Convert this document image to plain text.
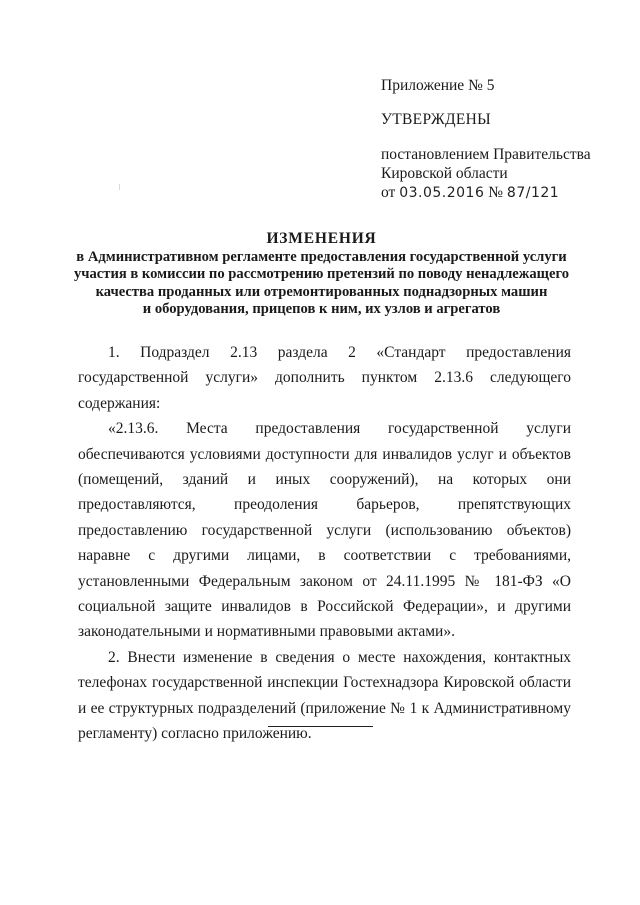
Приложение № 5
УТВЕРЖДЕНЫ
постановлением Правительства
Кировской области
от 03.05.2016 № 87/121
ИЗМЕНЕНИЯ
в Административном регламенте предоставления государственной услуги
участия в комиссии по рассмотрению претензий по поводу ненадлежащего
качества проданных или отремонтированных поднадзорных машин
и оборудования, прицепов к ним, их узлов и агрегатов

1. Подраздел 2.13 раздела 2 «Стандарт предоставления государственной услуги» дополнить пунктом 2.13.6 следующего содержания:

«2.13.6. Места предоставления государственной услуги обеспечиваются условиями доступности для инвалидов услуг и объектов (помещений, зданий и иных сооружений), на которых они предоставляются, преодоления барьеров, препятствующих предоставлению государственной услуги (использованию объектов) наравне с другими лицами, в соответствии с требованиями, установленными Федеральным законом от 24.11.1995 № 181-ФЗ «О социальной защите инвалидов в Российской Федерации», и другими законодательными и нормативными правовыми актами».

2. Внести изменение в сведения о месте нахождения, контактных телефонах государственной инспекции Гостехнадзора Кировской области и ее структурных подразделений (приложение № 1 к Административному регламенту) согласно приложению.
